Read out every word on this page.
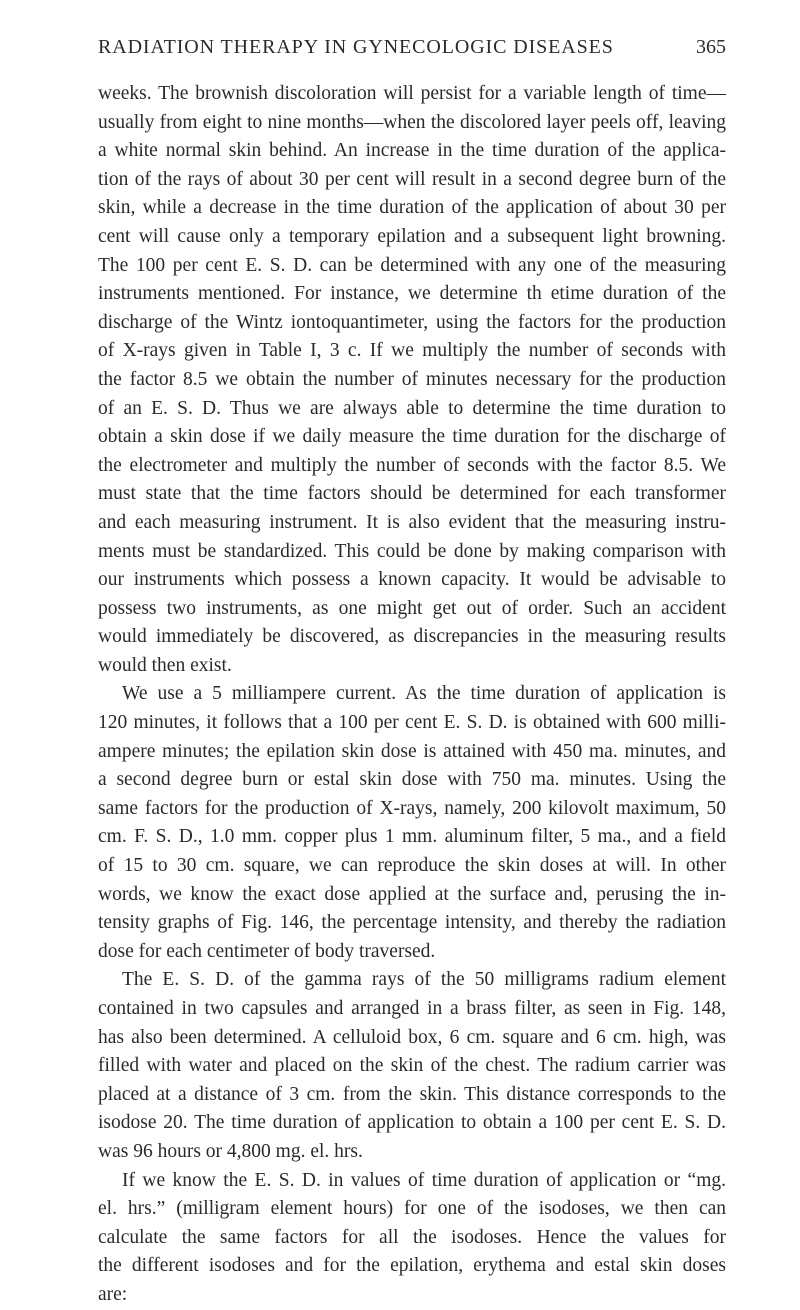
RADIATION THERAPY IN GYNECOLOGIC DISEASES	365
weeks. The brownish discoloration will persist for a variable length of time—
usually from eight to nine months—when the discolored layer peels off, leaving
a white normal skin behind. An increase in the time duration of the applica-
tion of the rays of about 30 per cent will result in a second degree burn of the
skin, while a decrease in the time duration of the application of about 30 per
cent will cause only a temporary epilation and a subsequent light browning.
The 100 per cent E. S. D. can be determined with any one of the measuring
instruments mentioned. For instance, we determine th etime duration of the
discharge of the Wintz iontoquantimeter, using the factors for the production
of X-rays given in Table I, 3 c. If we multiply the number of seconds with
the factor 8.5 we obtain the number of minutes necessary for the production
of an E. S. D. Thus we are always able to determine the time duration to
obtain a skin dose if we daily measure the time duration for the discharge of
the electrometer and multiply the number of seconds with the factor 8.5. We
must state that the time factors should be determined for each transformer
and each measuring instrument. It is also evident that the measuring instru-
ments must be standardized. This could be done by making comparison with
our instruments which possess a known capacity. It would be advisable to
possess two instruments, as one might get out of order. Such an accident
would immediately be discovered, as discrepancies in the measuring results
would then exist.
We use a 5 milliampere current. As the time duration of application is
120 minutes, it follows that a 100 per cent E. S. D. is obtained with 600 milli-
ampere minutes; the epilation skin dose is attained with 450 ma. minutes, and
a second degree burn or estal skin dose with 750 ma. minutes. Using the
same factors for the production of X-rays, namely, 200 kilovolt maximum, 50
cm. F. S. D., 1.0 mm. copper plus 1 mm. aluminum filter, 5 ma., and a field
of 15 to 30 cm. square, we can reproduce the skin doses at will. In other
words, we know the exact dose applied at the surface and, perusing the in-
tensity graphs of Fig. 146, the percentage intensity, and thereby the radiation
dose for each centimeter of body traversed.
The E. S. D. of the gamma rays of the 50 milligrams radium element
contained in two capsules and arranged in a brass filter, as seen in Fig. 148,
has also been determined. A celluloid box, 6 cm. square and 6 cm. high, was
filled with water and placed on the skin of the chest. The radium carrier was
placed at a distance of 3 cm. from the skin. This distance corresponds to the
isodose 20. The time duration of application to obtain a 100 per cent E. S. D.
was 96 hours or 4,800 mg. el. hrs.
If we know the E. S. D. in values of time duration of application or “mg.
el. hrs.” (milligram element hours) for one of the isodoses, we then can
calculate the same factors for all the isodoses. Hence the values for
the different isodoses and for the epilation, erythema and estal skin doses
are:
